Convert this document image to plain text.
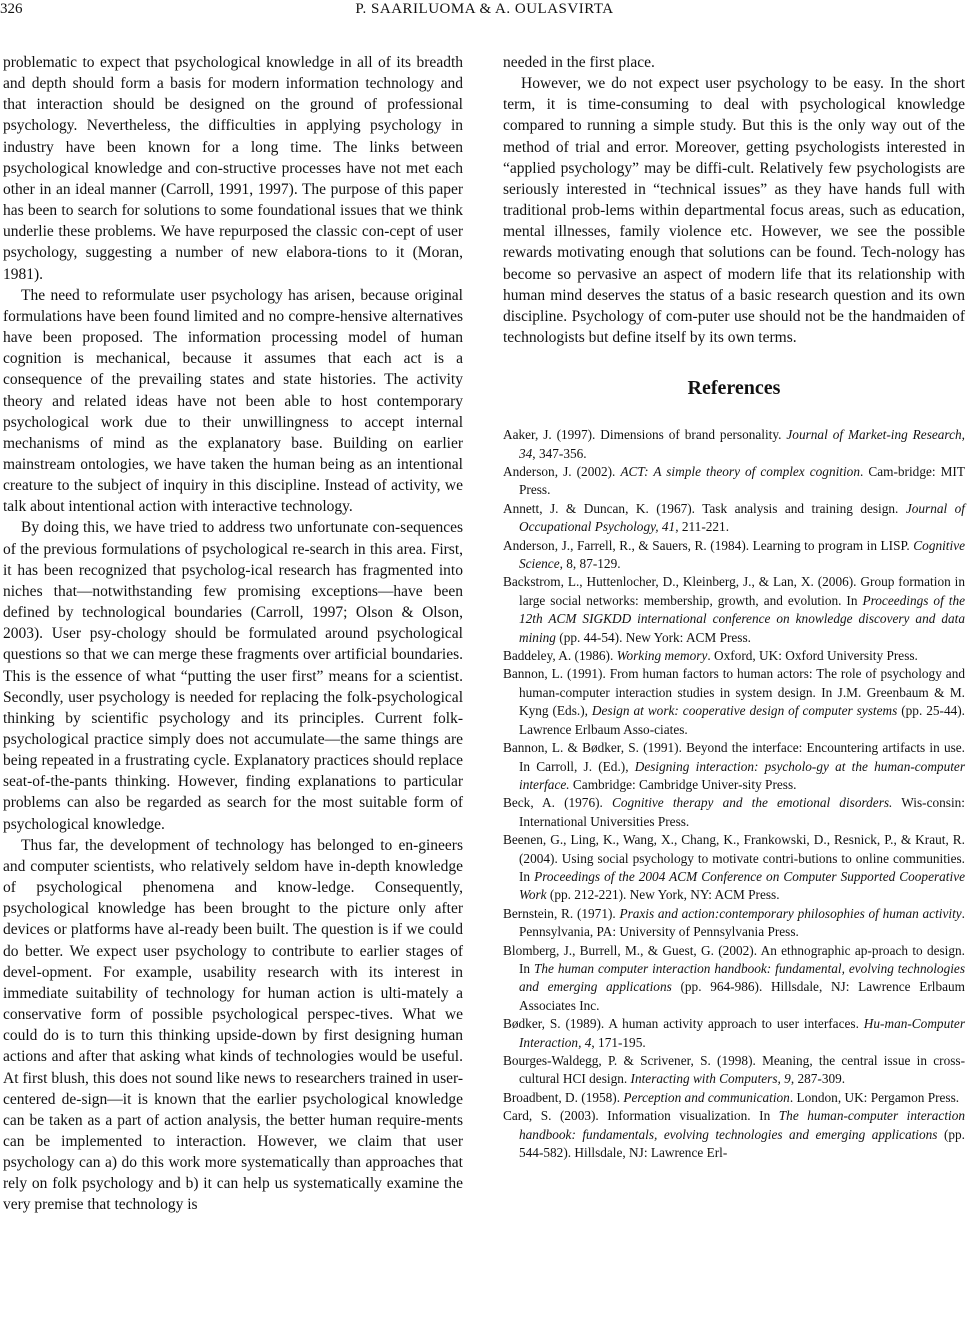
326	P. SAARILUOMA & A. OULASVIRTA

problematic to expect that psychological knowledge in all of its breadth and depth should form a basis for modern information technology and that interaction should be designed on the ground of professional psychology. Nevertheless, the difficulties in applying psychology in industry have been known for a long time. The links between psychological knowledge and con-structive processes have not met each other in an ideal manner (Carroll, 1991, 1997). The purpose of this paper has been to search for solutions to some foundational issues that we think underlie these problems. We have repurposed the classic con-cept of user psychology, suggesting a number of new elabora-tions to it (Moran, 1981).

The need to reformulate user psychology has arisen, because original formulations have been found limited and no compre-hensive alternatives have been proposed. The information processing model of human cognition is mechanical, because it assumes that each act is a consequence of the prevailing states and state histories. The activity theory and related ideas have not been able to host contemporary psychological work due to their unwillingness to accept internal mechanisms of mind as the explanatory base. Building on earlier mainstream ontologies, we have taken the human being as an intentional creature to the subject of inquiry in this discipline. Instead of activity, we talk about intentional action with interactive technology.

By doing this, we have tried to address two unfortunate con-sequences of the previous formulations of psychological re-search in this area. First, it has been recognized that psycholog-ical research has fragmented into niches that—notwithstanding few promising exceptions—have been defined by technological boundaries (Carroll, 1997; Olson & Olson, 2003). User psy-chology should be formulated around psychological questions so that we can merge these fragments over artificial boundaries. This is the essence of what “putting the user first” means for a scientist. Secondly, user psychology is needed for replacing the folk-psychological thinking by scientific psychology and its principles. Current folk-psychological practice simply does not accumulate—the same things are being repeated in a frustrating cycle. Explanatory practices should replace seat-of-the-pants thinking. However, finding explanations to particular problems can also be regarded as search for the most suitable form of psychological knowledge.

Thus far, the development of technology has belonged to en-gineers and computer scientists, who relatively seldom have in-depth knowledge of psychological phenomena and know-ledge. Consequently, psychological knowledge has been brought to the picture only after devices or platforms have al-ready been built. The question is if we could do better. We expect user psychology to contribute to earlier stages of devel-opment. For example, usability research with its interest in immediate suitability of technology for human action is ulti-mately a conservative form of possible psychological perspec-tives. What we could do is to turn this thinking upside-down by first designing human actions and after that asking what kinds of technologies would be useful. At first blush, this does not sound like news to researchers trained in user-centered de-sign—it is known that the earlier psychological knowledge can be taken as a part of action analysis, the better human require-ments can be implemented to interaction. However, we claim that user psychology can a) do this work more systematically than approaches that rely on folk psychology and b) it can help us systematically examine the very premise that technology is

needed in the first place.

However, we do not expect user psychology to be easy. In the short term, it is time-consuming to deal with psychological knowledge compared to running a simple study. But this is the only way out of the method of trial and error. Moreover, getting psychologists interested in “applied psychology” may be diffi-cult. Relatively few psychologists are seriously interested in “technical issues” as they have hands full with traditional prob-lems within departmental focus areas, such as education, mental illnesses, family violence etc. However, we see the possible rewards motivating enough that solutions can be found. Tech-nology has become so pervasive an aspect of modern life that its relationship with human mind deserves the status of a basic research question and its own discipline. Psychology of com-puter use should not be the handmaiden of technologists but define itself by its own terms.

References

Aaker, J. (1997). Dimensions of brand personality. Journal of Market-ing Research, 34, 347-356.

Anderson, J. (2002). ACT: A simple theory of complex cognition. Cam-bridge: MIT Press.

Annett, J. & Duncan, K. (1967). Task analysis and training design. Journal of Occupational Psychology, 41, 211-221.

Anderson, J., Farrell, R., & Sauers, R. (1984). Learning to program in LISP. Cognitive Science, 8, 87-129.

Backstrom, L., Huttenlocher, D., Kleinberg, J., & Lan, X. (2006). Group formation in large social networks: membership, growth, and evolution. In Proceedings of the 12th ACM SIGKDD international conference on knowledge discovery and data mining (pp. 44-54). New York: ACM Press.

Baddeley, A. (1986). Working memory. Oxford, UK: Oxford University Press.

Bannon, L. (1991). From human factors to human actors: The role of psychology and human-computer interaction studies in system design. In J.M. Greenbaum & M. Kyng (Eds.), Design at work: cooperative design of computer systems (pp. 25-44). Lawrence Erlbaum Asso-ciates.

Bannon, L. & Bødker, S. (1991). Beyond the interface: Encountering artifacts in use. In Carroll, J. (Ed.), Designing interaction: psycholo-gy at the human-computer interface. Cambridge: Cambridge Univer-sity Press.

Beck, A. (1976). Cognitive therapy and the emotional disorders. Wis-consin: International Universities Press.

Beenen, G., Ling, K., Wang, X., Chang, K., Frankowski, D., Resnick, P., & Kraut, R. (2004). Using social psychology to motivate contri-butions to online communities. In Proceedings of the 2004 ACM Conference on Computer Supported Cooperative Work (pp. 212-221). New York, NY: ACM Press.

Bernstein, R. (1971). Praxis and action:contemporary philosophies of human activity. Pennsylvania, PA: University of Pennsylvania Press.

Blomberg, J., Burrell, M., & Guest, G. (2002). An ethnographic ap-proach to design. In The human computer interaction handbook: fundamental, evolving technologies and emerging applications (pp. 964-986). Hillsdale, NJ: Lawrence Erlbaum Associates Inc.

Bødker, S. (1989). A human activity approach to user interfaces. Hu-man-Computer Interaction, 4, 171-195.

Bourges-Waldegg, P. & Scrivener, S. (1998). Meaning, the central issue in cross-cultural HCI design. Interacting with Computers, 9, 287-309.

Broadbent, D. (1958). Perception and communication. London, UK: Pergamon Press.

Card, S. (2003). Information visualization. In The human-computer interaction handbook: fundamentals, evolving technologies and emerging applications (pp. 544-582). Hillsdale, NJ: Lawrence Erl-
